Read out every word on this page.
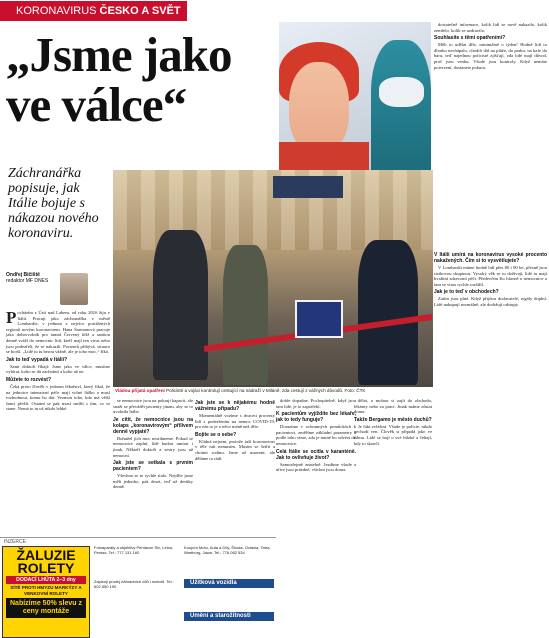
KORONAVIRUS ČESKO A SVĚT
„Jsme jako ve válce“

dostatečně informace, kolik lidí se nově nakazilo, kolik zemřelo, kolik se uzdravilo.

Souhlasíte s těmi opatřeními?

Měli to udělat dřív, minimálně o týden! Hodně lidí to dlouho nechápalo, chodili dál na pláže, do parku, na kafe do baru, teď najednou policisté zjišťují, zda lidé mají důvod, proč jsou venku. Všude jsou kontroly. Když nemáte potvrzení, dostanete pokutu.

Záchranářka popisuje, jak Itálie bojuje s nákazou nového koronaviru.
Ondřej Bičiště
redaktor MF DNES

Pocházím z Ústí nad Labem, od roku 2016 žiju v Itálii. Pracuji jako záchranářka v městě Lombardie, v jednom z nejvíce postižených regionů novým koronavirem. Hana Šarmanová pracuje jako dobrovolník pro tamní Červený kříž a sanitou denně sváží do nemocnic lidi, kteří mají ten virus nebo jsou podezřelí, že se nakazili. Pacientů přibývá, situace se horší. „Lidé to tu berou vážně, ale je toho moc,“ říká.

Jak to teď vypadá v Itálii?

Samí doktoři říkají: Jsme jako ve válce, musíme vybírat, koho se dá zachránit a koho už ne.

Můžete to rozvést?

Čeká proto člověk v jednom lékařství, který říkal, že na jednotce intenzivní péče mají volné lůžko a musí rozhodnout, komu ho dát. Vezmou toho, kdo má větší šanci přežít. Ostatní se pak musí smířit s tím, co se stane. Nemá to tu už nikdo lehké.

Vládou přijatá opatření Policisté a vojáci kontrolují cestující na nádraží v Miláně, zda cestují z vážných důvodů. Foto: ČTK
V Itálii umírá na koronavirus vysoké procento nakažených. Čím si to vysvětlujete?

V Lombardii máme hodně lidí přes 80 i 90 let, přesně jsou rizikovou skupinou. Vysoký věk se tu dožívají, lidé tu mají kvalitní zdravotní péči. Předevčím šlo hlavně o nemocnice a tam se virus rychle rozšířil.

Jak je to teď v obchodech?

Zatím jsou plné. Když přijdou dodavatelé, regály doplní. Lidé nakupují normálně, ale dodržují odstupy.

se nemocnice jsou na pokraji kapacit, ale snaží se převádět pacienty jinam, aby se to uvolnila Itálie.

Je cítit, že nemocnice jsou na kolaps „koronavirovým“ přílivem denně vypjaté?

Bohužel jich moc nestihneme. Pokud se nemocnice zaplní, lidé budou umírat i jinak. Někteří doktoři a sestry jsou už nemocní.

Jak jste se setkala s prvním pacientem?

Všechno se to rychle stalo. Nejdřív jsme měli jednoho, pak deset, teď už desítky denně.

Jak jste se k nějakému hodně vážnému případu?

Momentálně vozíme s dvaceti procenty lidí s podezřením na nemoc COVID-19, pro nás to je o něco méně než dřív.

Bojíte se o sebe?

Klidná nejsem, protože tuší koronavirus v těle mít nemusím. Musím se šetřit a chránit rodinu. Jsme už unavení, ale děláme to rádi.

dobře dopadne. Pochopitelně, když jsou tam lidé, je to zapotřebí.

K pacientům vyjíždíte bez lékaře, jak to tedy funguje?

Dorazíme v ochranných pomůckách k pacientovi, změříme základní parametry a podle toho víme, zda je nutné ho odvézt do nemocnice.

Celá Itálie se ocitla v karanténě. Jak to ovlivňuje život?

Samozřejmě znatelně. Jezdíme všude a ulice jsou prázdné, všichni jsou doma.

dělat, a mohou si zajít do obchodu, lékárny nebo za prací. Jinak máme zůstat doma.

Takže Bergamo je město duchů?

Je fakt zvláštní. Všude je policie, nikdo nechodí ven. Člověk si připadá jako ve filmu. Lidé se bojí o své blízké a čekají, kdy to skončí.

INZERCE
ŽALUZIE ROLETY
DODACÍ LHŮTA 2–3 dny
SÍTĚ PROTI HMYZU MARKÝZY A VENKOVNÍ ROLETY
Nabízíme 50% slevu z ceny montáže
Fotoaparáty a objektivy Pentacon Six, Leica, Pentax. Tel.: 777 131 160
Zapisuji prodej náhradních dílů i motorů. Tel.: 602 850 190
Koupím Moto, Auta a Díly, Škoda, Octavia, Tatra, Wartburg, Jawa. Tel.: 776 082 534
Užitková vozidla
Umění a starožitnosti
